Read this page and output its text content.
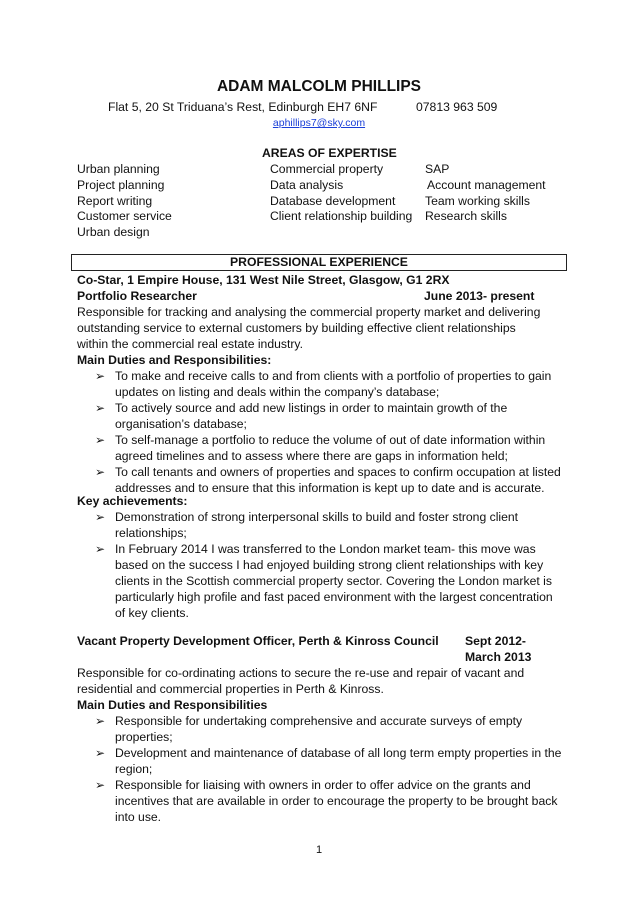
ADAM MALCOLM PHILLIPS
Flat 5, 20 St Triduana’s Rest, Edinburgh EH7 6NF	07813 963 509
aphillips7@sky.com
AREAS OF EXPERTISE
Urban planning
Project planning
Report writing
Customer service
Urban design
Commercial property
Data analysis
Database development
Client relationship building
SAP
Account management
Team working skills
Research skills
PROFESSIONAL EXPERIENCE
Co-Star, 1 Empire House, 131 West Nile Street, Glasgow, G1 2RX
Portfolio Researcher	June 2013- present
Responsible for tracking and analysing the commercial property market and delivering outstanding service to external customers by building effective client relationships within the commercial real estate industry.
Main Duties and Responsibilities:
➢ To make and receive calls to and from clients with a portfolio of properties to gain updates on listing and deals within the company’s database;
➢ To actively source and add new listings in order to maintain growth of the organisation’s database;
➢ To self-manage a portfolio to reduce the volume of out of date information within agreed timelines and to assess where there are gaps in information held;
➢ To call tenants and owners of properties and spaces to confirm occupation at listed addresses and to ensure that this information is kept up to date and is accurate.
Key achievements:
➢ Demonstration of strong interpersonal skills to build and foster strong client relationships;
➢ In February 2014 I was transferred to the London market team- this move was based on the success I had enjoyed building strong client relationships with key clients in the Scottish commercial property sector. Covering the London market is particularly high profile and fast paced environment with the largest concentration of key clients.
Vacant Property Development Officer, Perth & Kinross Council Sept 2012-
March 2013
Responsible for co-ordinating actions to secure the re-use and repair of vacant and residential and commercial properties in Perth & Kinross.
Main Duties and Responsibilities
➢ Responsible for undertaking comprehensive and accurate surveys of empty properties;
➢ Development and maintenance of database of all long term empty properties in the region;
➢ Responsible for liaising with owners in order to offer advice on the grants and incentives that are available in order to encourage the property to be brought back into use.
1
